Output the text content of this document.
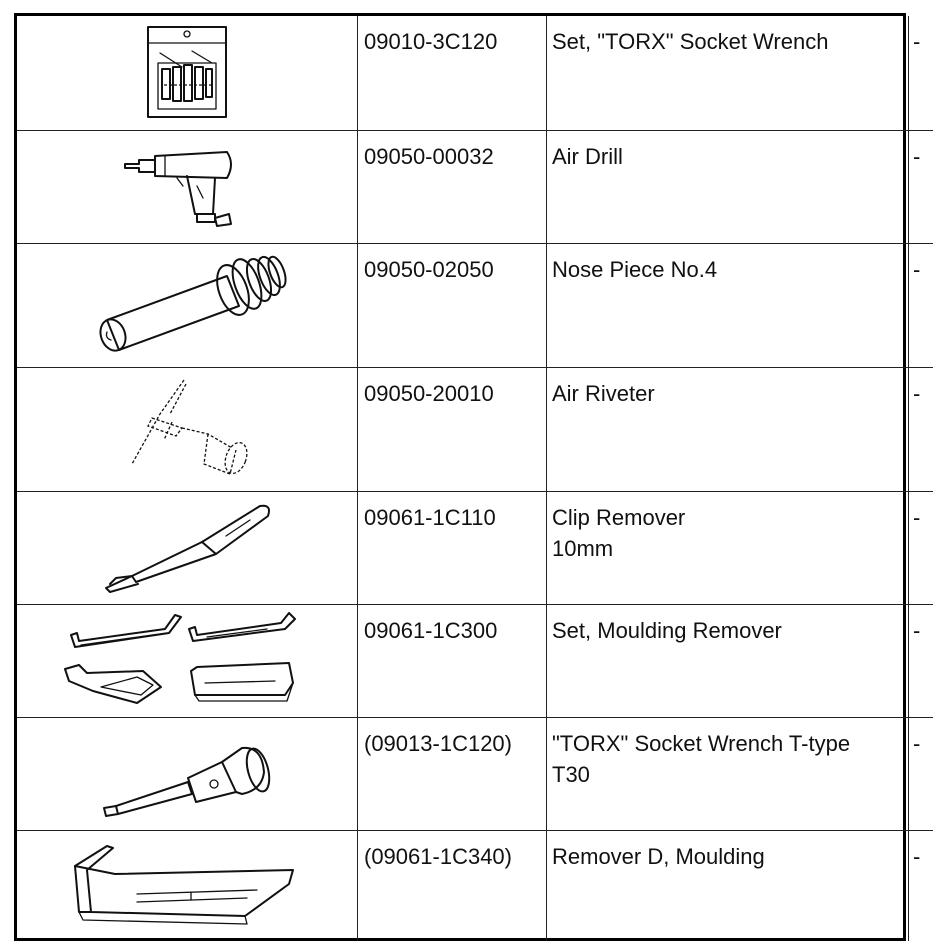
	09010-3C120	Set, "TORX" Socket Wrench	-

	09050-00032	Air Drill	-

	09050-02050	Nose Piece No.4	-

	09050-20010	Air Riveter	-

	09061-1C110	Clip Remover
10mm	-

	09061-1C300	Set, Moulding Remover	-

	(09013-1C120)	"TORX" Socket Wrench T-type
T30	-

	(09061-1C340)	Remover D, Moulding	-
